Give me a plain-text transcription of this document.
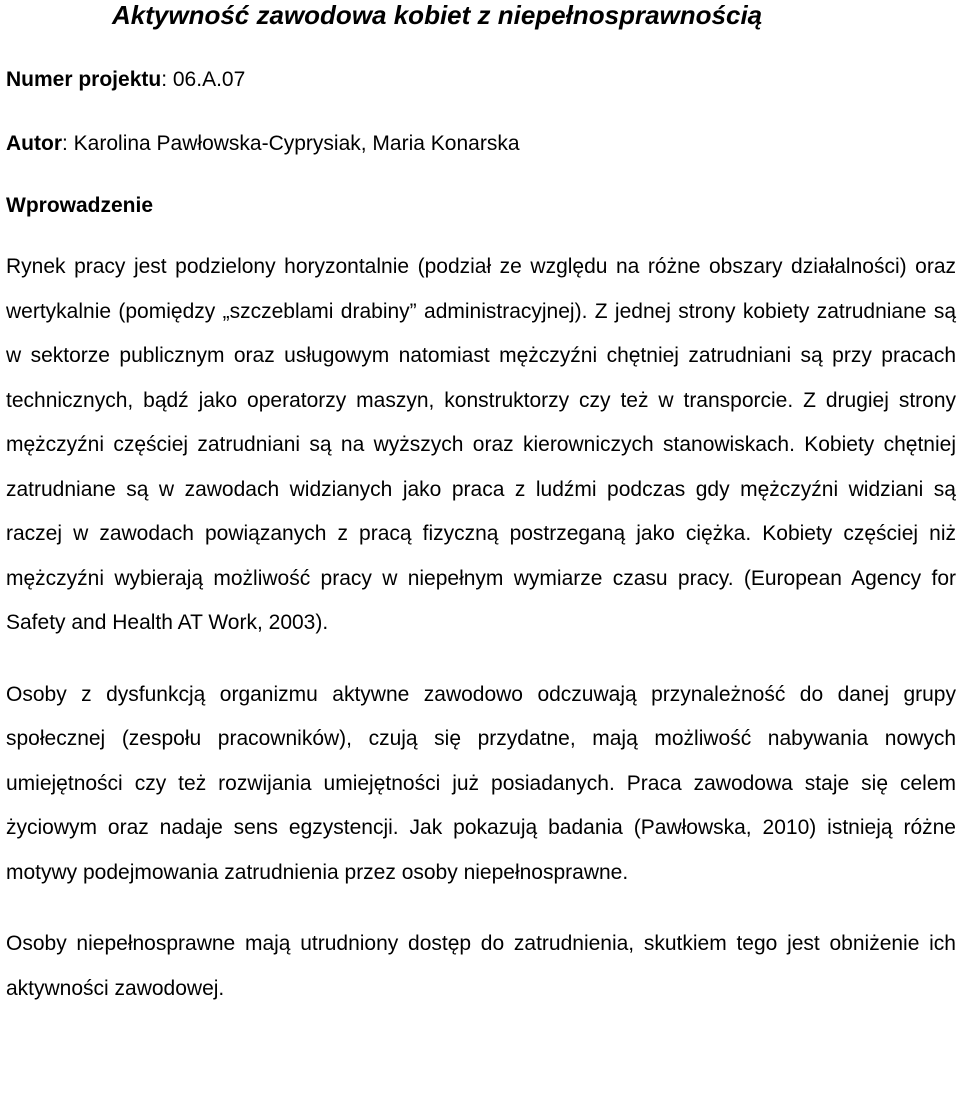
Aktywność zawodowa kobiet z niepełnosprawnością

Numer projektu: 06.A.07

Autor: Karolina Pawłowska-Cyprysiak, Maria Konarska

Wprowadzenie

Rynek pracy jest podzielony horyzontalnie (podział ze względu na różne obszary działalności) oraz wertykalnie (pomiędzy „szczeblami drabiny” administracyjnej). Z jednej strony kobiety zatrudniane są w sektorze publicznym oraz usługowym natomiast mężczyźni chętniej zatrudniani są przy pracach technicznych, bądź jako operatorzy maszyn, konstruktorzy czy też w transporcie. Z drugiej strony mężczyźni częściej zatrudniani są na wyższych oraz kierowniczych stanowiskach. Kobiety chętniej zatrudniane są w zawodach widzianych jako praca z ludźmi podczas gdy mężczyźni widziani są raczej w zawodach powiązanych z pracą fizyczną postrzeganą jako ciężka. Kobiety częściej niż mężczyźni wybierają możliwość pracy w niepełnym wymiarze czasu pracy. (European Agency for Safety and Health AT Work, 2003).

Osoby z dysfunkcją organizmu aktywne zawodowo odczuwają przynależność do danej grupy społecznej (zespołu pracowników), czują się przydatne, mają możliwość nabywania nowych umiejętności czy też rozwijania umiejętności już posiadanych. Praca zawodowa staje się celem życiowym oraz nadaje sens egzystencji. Jak pokazują badania (Pawłowska, 2010) istnieją różne motywy podejmowania zatrudnienia przez osoby niepełnosprawne.

Osoby niepełnosprawne mają utrudniony dostęp do zatrudnienia, skutkiem tego jest obniżenie ich aktywności zawodowej.
